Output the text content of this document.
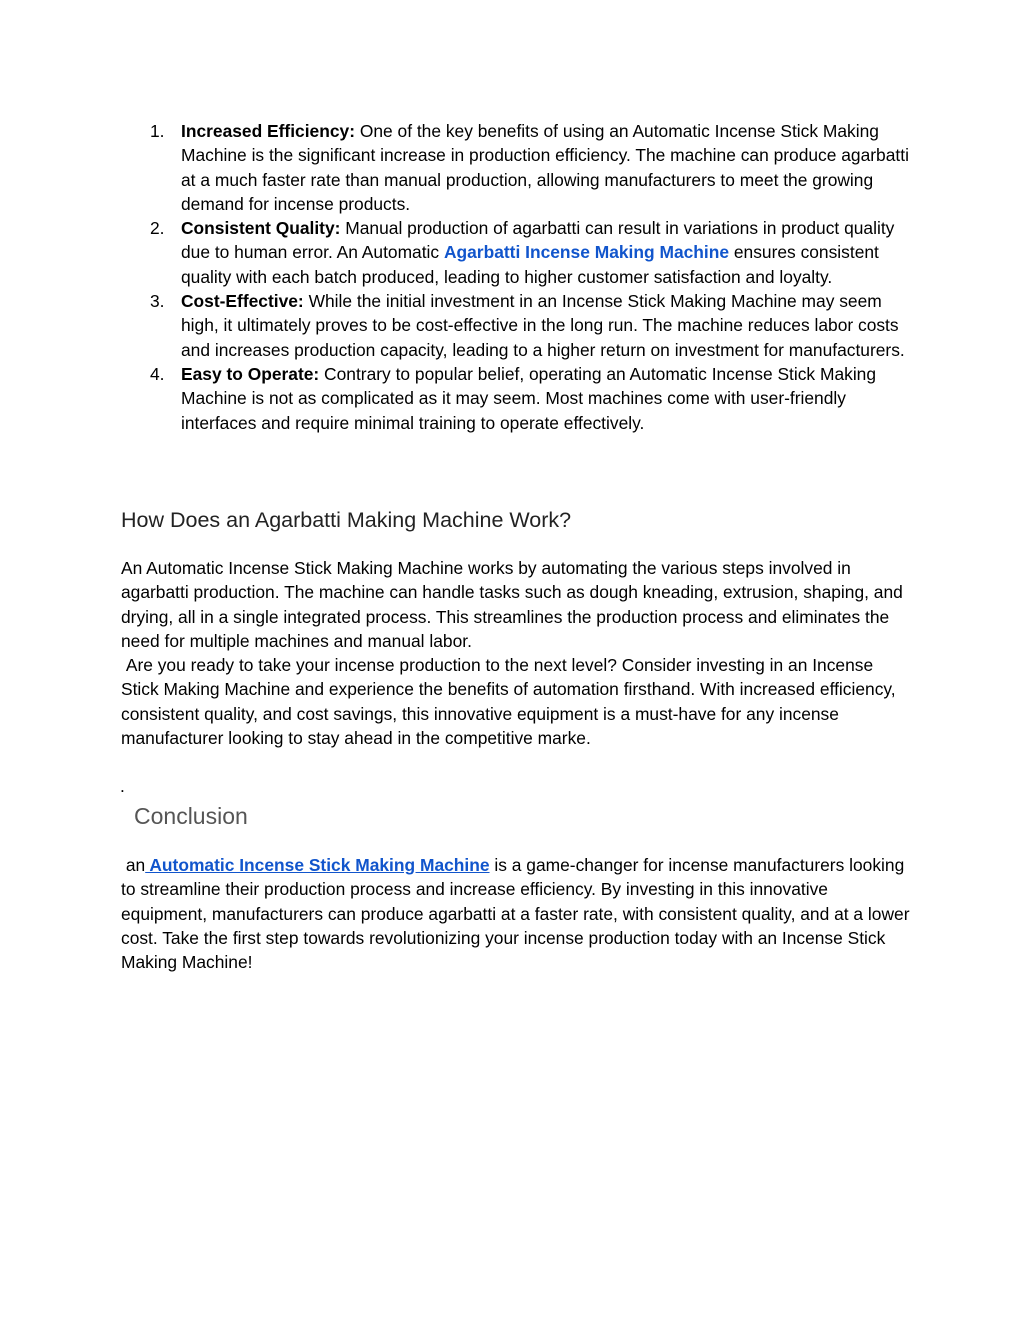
1. Increased Efficiency: One of the key benefits of using an Automatic Incense Stick Making Machine is the significant increase in production efficiency. The machine can produce agarbatti at a much faster rate than manual production, allowing manufacturers to meet the growing demand for incense products.
2. Consistent Quality: Manual production of agarbatti can result in variations in product quality due to human error. An Automatic Agarbatti Incense Making Machine ensures consistent quality with each batch produced, leading to higher customer satisfaction and loyalty.
3. Cost-Effective: While the initial investment in an Incense Stick Making Machine may seem high, it ultimately proves to be cost-effective in the long run. The machine reduces labor costs and increases production capacity, leading to a higher return on investment for manufacturers.
4. Easy to Operate: Contrary to popular belief, operating an Automatic Incense Stick Making Machine is not as complicated as it may seem. Most machines come with user-friendly interfaces and require minimal training to operate effectively.
How Does an Agarbatti Making Machine Work?
An Automatic Incense Stick Making Machine works by automating the various steps involved in agarbatti production. The machine can handle tasks such as dough kneading, extrusion, shaping, and drying, all in a single integrated process. This streamlines the production process and eliminates the need for multiple machines and manual labor.
Are you ready to take your incense production to the next level? Consider investing in an Incense Stick Making Machine and experience the benefits of automation firsthand. With increased efficiency, consistent quality, and cost savings, this innovative equipment is a must-have for any incense manufacturer looking to stay ahead in the competitive marke.

.

Conclusion

an Automatic Incense Stick Making Machine is a game-changer for incense manufacturers looking to streamline their production process and increase efficiency. By investing in this innovative equipment, manufacturers can produce agarbatti at a faster rate, with consistent quality, and at a lower cost. Take the first step towards revolutionizing your incense production today with an Incense Stick Making Machine!
